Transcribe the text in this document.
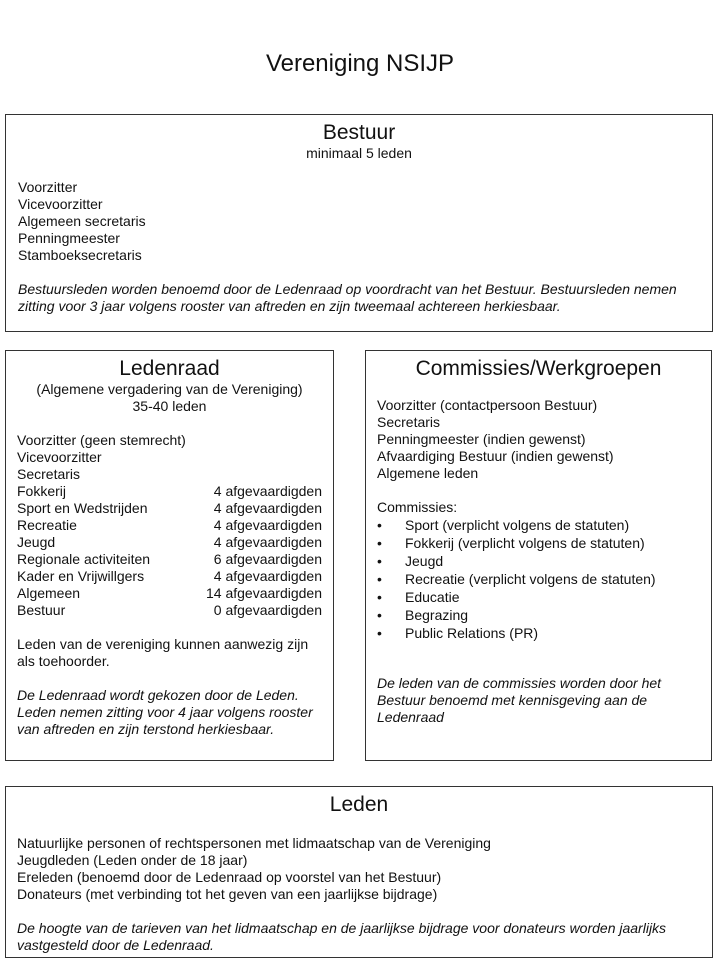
Vereniging NSIJP
Bestuur
minimaal 5 leden
Voorzitter
Vicevoorzitter
Algemeen secretaris
Penningmeester
Stamboeksecretaris
Bestuursleden worden benoemd door de Ledenraad op voordracht van het Bestuur. Bestuursleden nemen zitting voor 3 jaar volgens rooster van aftreden en zijn tweemaal achtereen herkiesbaar.
Ledenraad
(Algemene vergadering van de Vereniging)
35-40 leden
Voorzitter (geen stemrecht)
Vicevoorzitter
Secretaris
Fokkerij	4 afgevaardigden
Sport en Wedstrijden	4 afgevaardigden
Recreatie	4 afgevaardigden
Jeugd	4 afgevaardigden
Regionale activiteiten	6 afgevaardigden
Kader en Vrijwillgers	4 afgevaardigden
Algemeen	14 afgevaardigden
Bestuur	0 afgevaardigden
Leden van de vereniging kunnen aanwezig zijn als toehoorder.
De Ledenraad wordt gekozen door de Leden. Leden nemen zitting voor 4 jaar volgens rooster van aftreden en zijn terstond herkiesbaar.
Commissies/Werkgroepen
Voorzitter (contactpersoon Bestuur)
Secretaris
Penningmeester (indien gewenst)
Afvaardiging Bestuur (indien gewenst)
Algemene leden
Commissies:
• Sport (verplicht volgens de statuten)
• Fokkerij (verplicht volgens de statuten)
• Jeugd
• Recreatie (verplicht volgens de statuten)
• Educatie
• Begrazing
• Public Relations (PR)
De leden van de commissies worden door het Bestuur benoemd met kennisgeving aan de Ledenraad
Leden
Natuurlijke personen of rechtspersonen met lidmaatschap van de Vereniging
Jeugdleden (Leden onder de 18 jaar)
Ereleden (benoemd door de Ledenraad op voorstel van het Bestuur)
Donateurs (met verbinding tot het geven van een jaarlijkse bijdrage)
De hoogte van de tarieven van het lidmaatschap en de jaarlijkse bijdrage voor donateurs worden jaarlijks vastgesteld door de Ledenraad.
